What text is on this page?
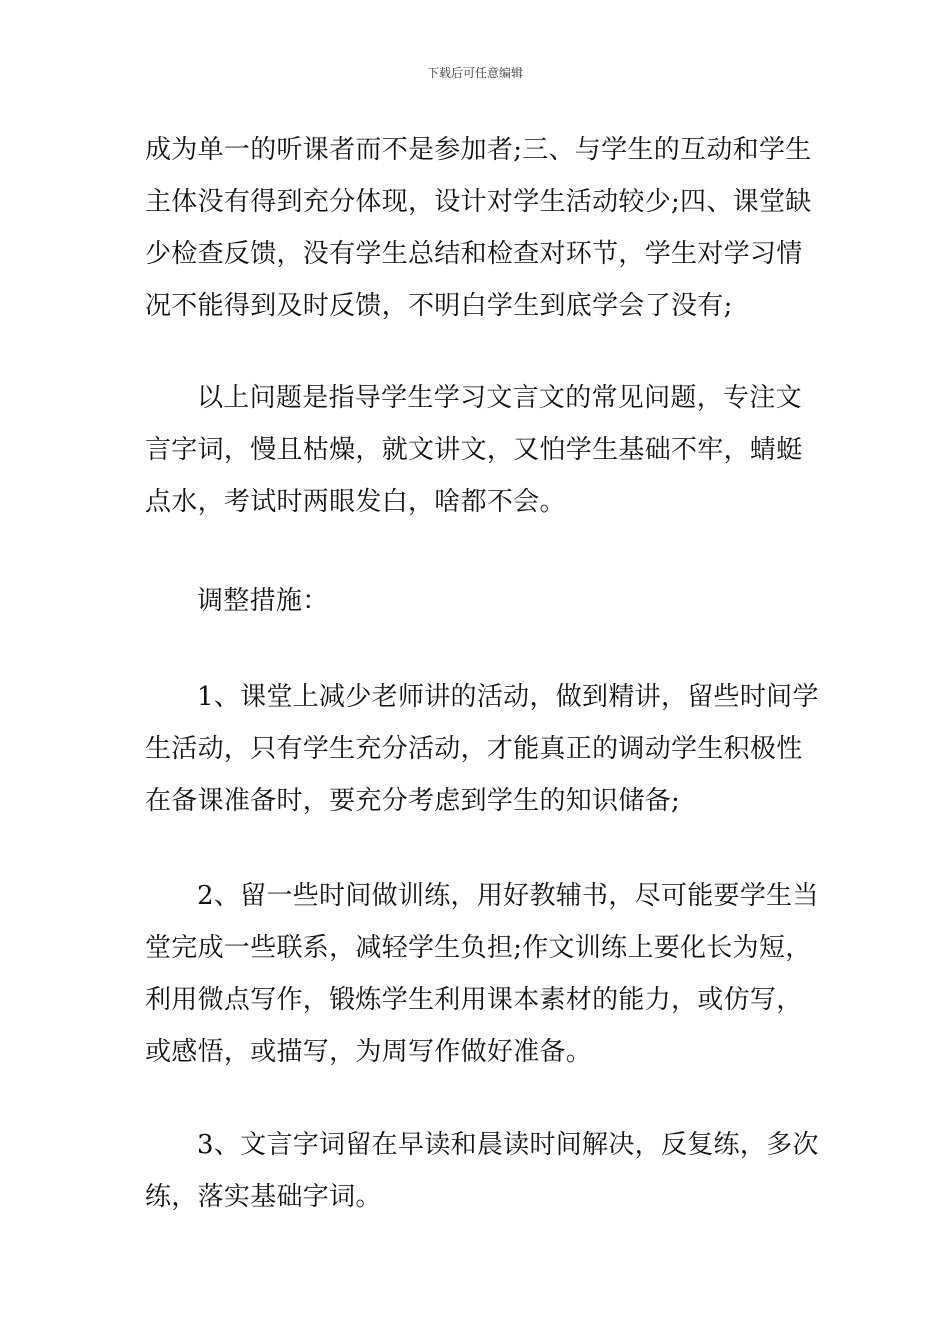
下载后可任意编辑
成为单一的听课者而不是参加者;三、与学生的互动和学生
主体没有得到充分体现，设计对学生活动较少;四、课堂缺
少检查反馈，没有学生总结和检查对环节，学生对学习情
况不能得到及时反馈，不明白学生到底学会了没有;
以上问题是指导学生学习文言文的常见问题，专注文
言字词，慢且枯燥，就文讲文，又怕学生基础不牢，蜻蜓
点水，考试时两眼发白，啥都不会。
调整措施：
1、课堂上减少老师讲的活动，做到精讲，留些时间学
生活动，只有学生充分活动，才能真正的调动学生积极性
在备课准备时，要充分考虑到学生的知识储备;
2、留一些时间做训练，用好教辅书，尽可能要学生当
堂完成一些联系，减轻学生负担;作文训练上要化长为短，
利用微点写作，锻炼学生利用课本素材的能力，或仿写，
或感悟，或描写，为周写作做好准备。
3、文言字词留在早读和晨读时间解决，反复练，多次
练，落实基础字词。
